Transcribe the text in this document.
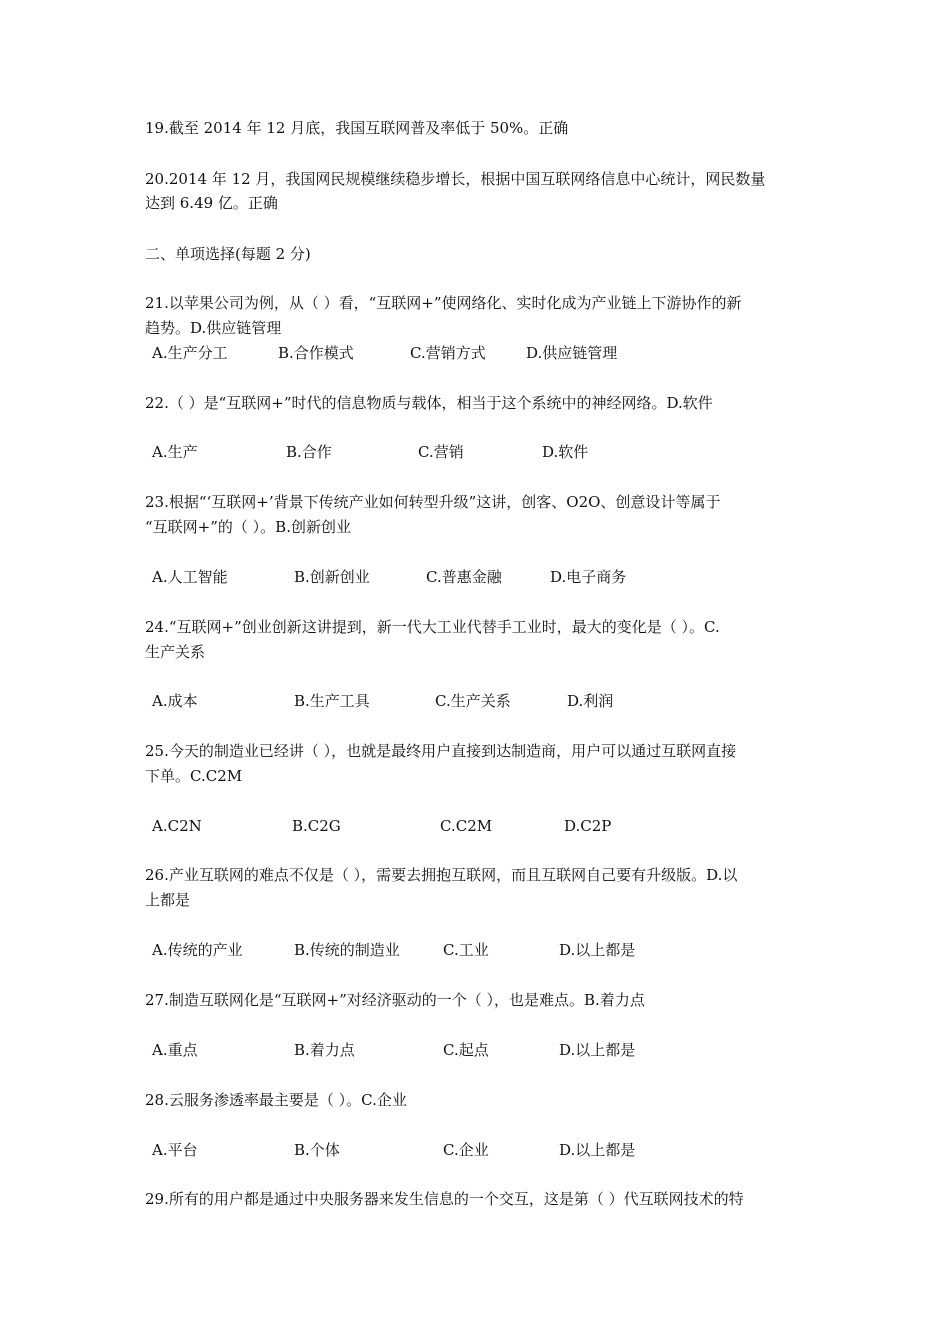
19.截至 2014 年 12 月底，我国互联网普及率低于 50%。正确
20.2014 年 12 月，我国网民规模继续稳步增长，根据中国互联网络信息中心统计，网民数量
达到 6.49 亿。正确
二、单项选择(每题 2 分)
21.以苹果公司为例，从（ ）看，“互联网+”使网络化、实时化成为产业链上下游协作的新
趋势。D.供应链管理
A.生产分工	B.合作模式	C.营销方式	D.供应链管理
22.（ ）是“互联网+”时代的信息物质与载体，相当于这个系统中的神经网络。D.软件
A.生产	B.合作	C.营销	D.软件
23.根据“‘互联网+’背景下传统产业如何转型升级”这讲，创客、O2O、创意设计等属于
“互联网+”的（ ）。B.创新创业
A.人工智能	B.创新创业	C.普惠金融	D.电子商务
24.“互联网+”创业创新这讲提到，新一代大工业代替手工业时，最大的变化是（ ）。C.
生产关系
A.成本	B.生产工具	C.生产关系	D.利润
25.今天的制造业已经讲（ ），也就是最终用户直接到达制造商，用户可以通过互联网直接
下单。C.C2M
A.C2N	B.C2G	C.C2M	D.C2P
26.产业互联网的难点不仅是（ ），需要去拥抱互联网，而且互联网自己要有升级版。D.以
上都是
A.传统的产业	B.传统的制造业	C.工业	D.以上都是
27.制造互联网化是“互联网+”对经济驱动的一个（ ），也是难点。B.着力点
A.重点	B.着力点	C.起点	D.以上都是
28.云服务渗透率最主要是（ ）。C.企业
A.平台	B.个体	C.企业	D.以上都是
29.所有的用户都是通过中央服务器来发生信息的一个交互，这是第（ ）代互联网技术的特
